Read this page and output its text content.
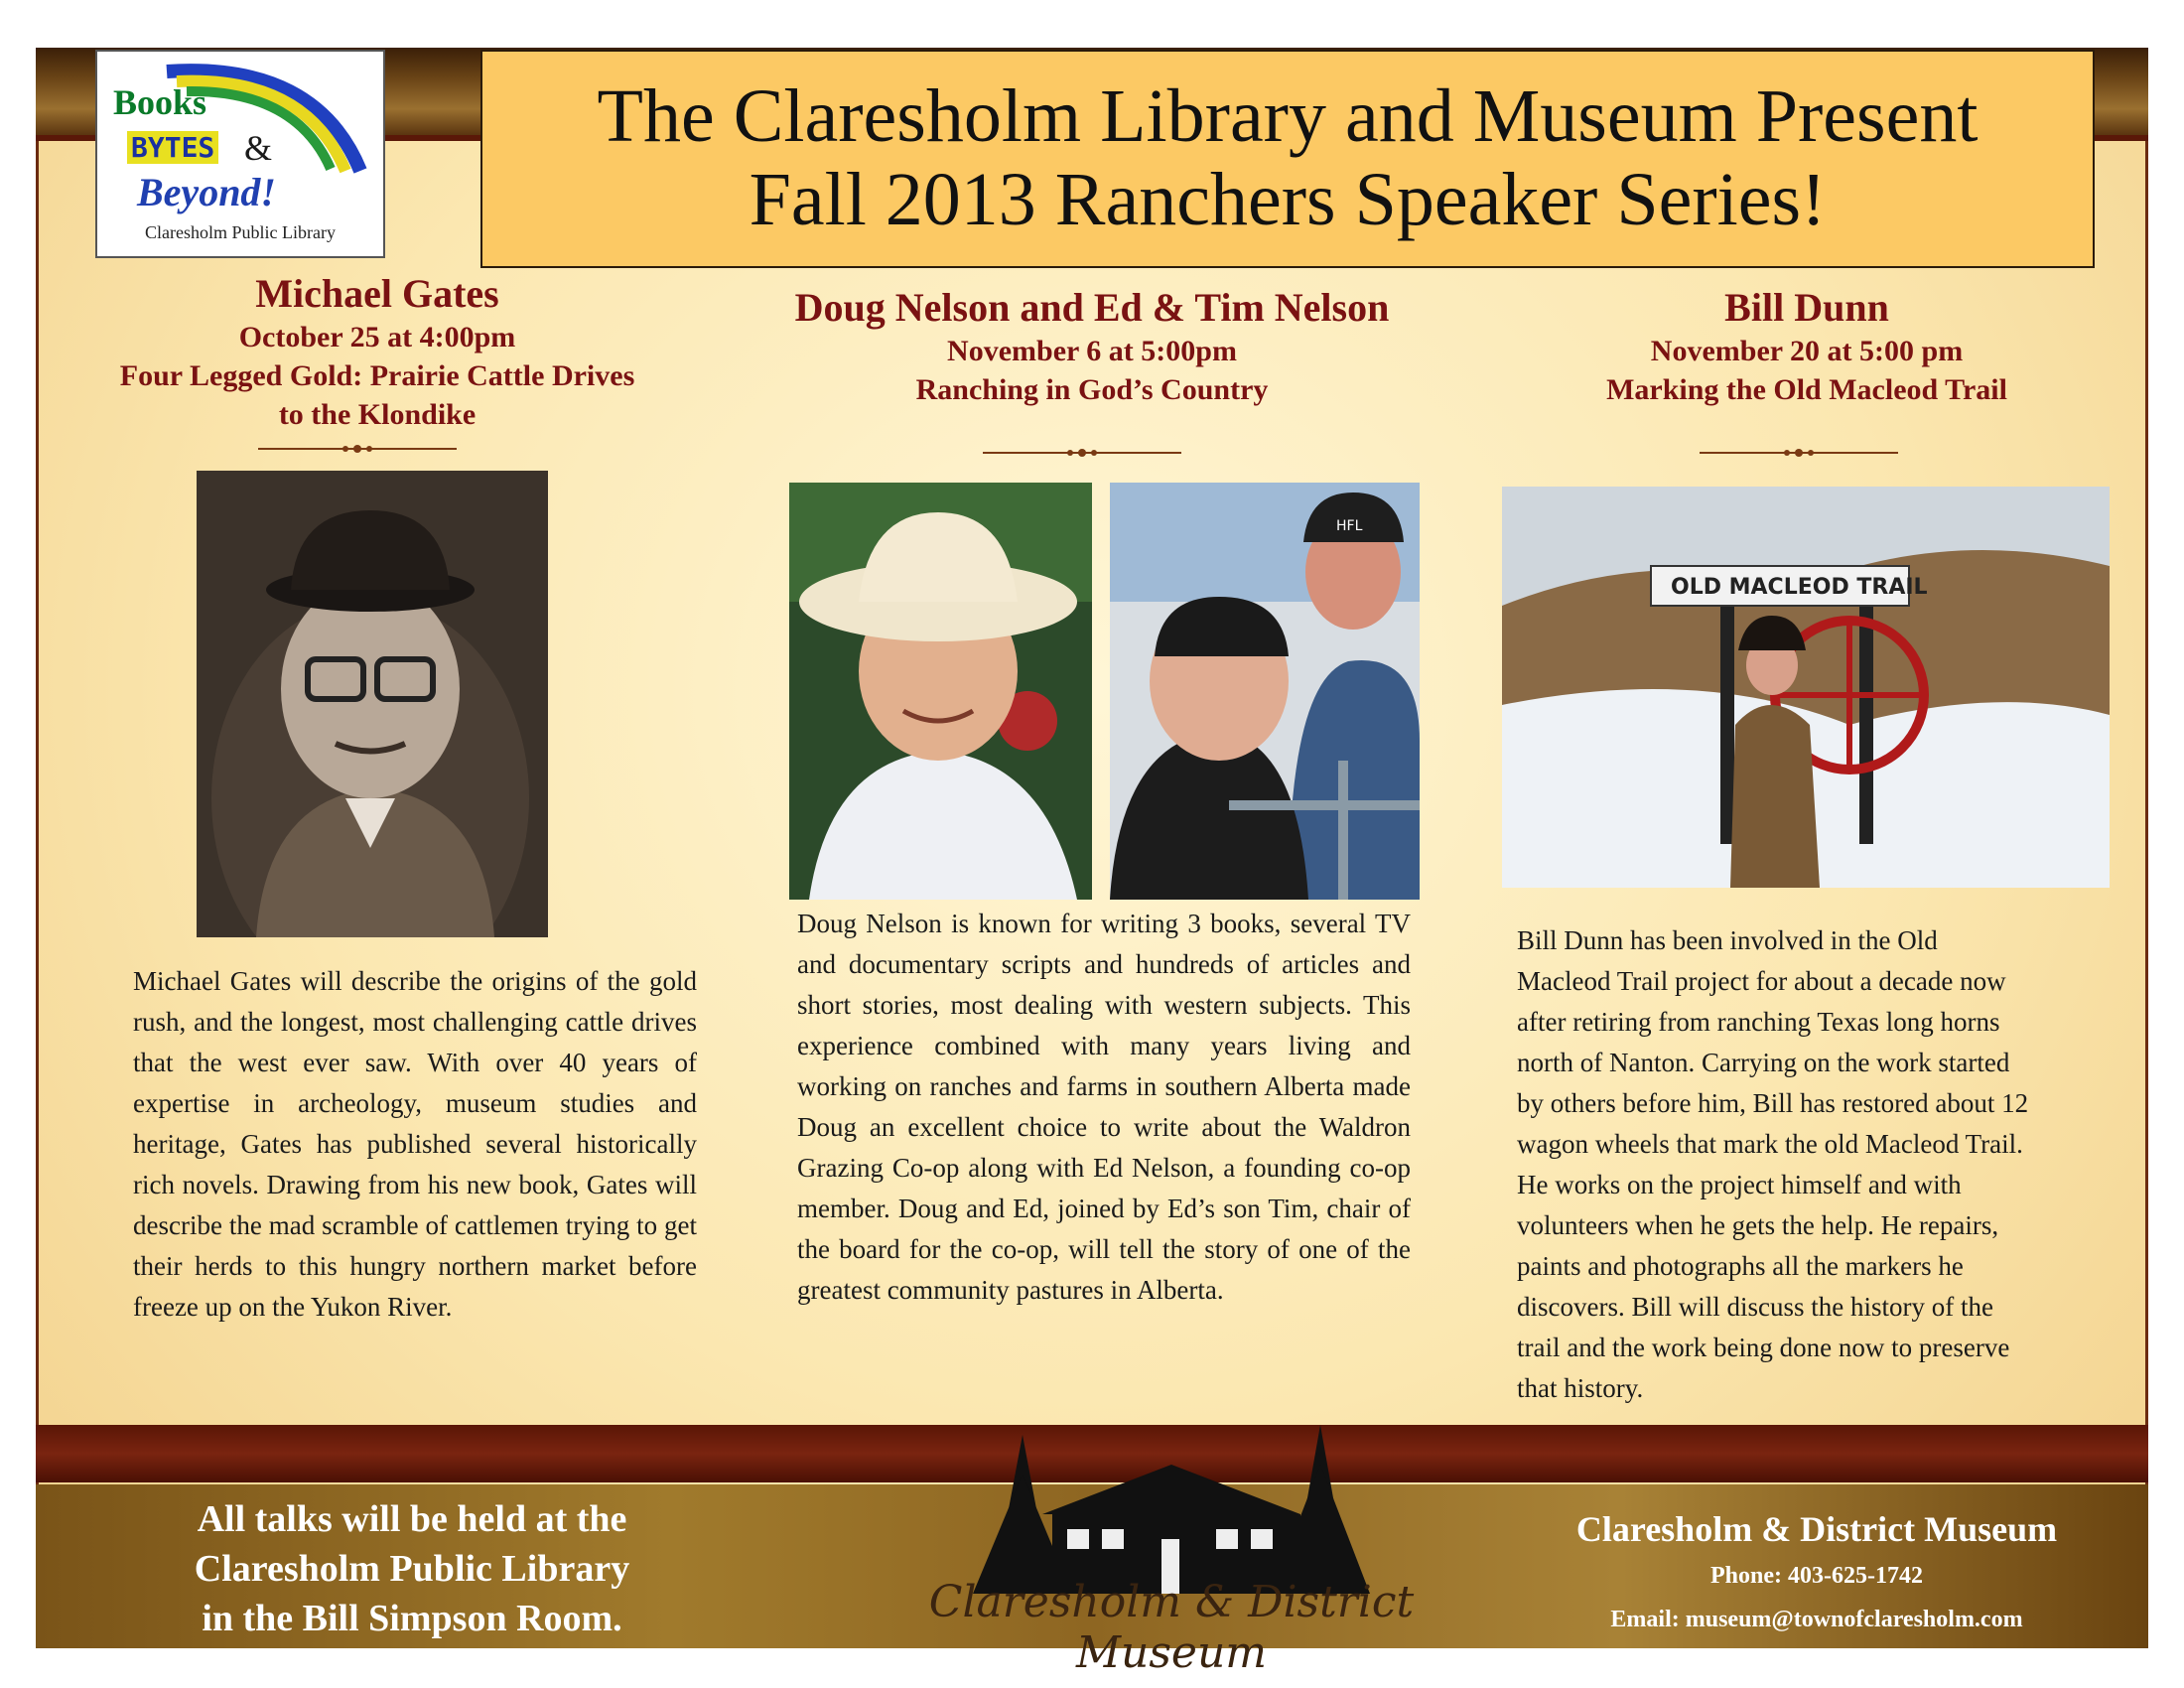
Books
BYTES &
Beyond!
Claresholm Public Library
The Claresholm Library and Museum Present
Fall 2013 Ranchers Speaker Series!
Michael Gates
October 25 at 4:00pm
Four Legged Gold: Prairie Cattle Drives
to the Klondike
Doug Nelson and Ed & Tim Nelson
November 6 at 5:00pm
Ranching in God’s Country
Bill Dunn
November 20 at 5:00 pm
Marking the Old Macleod Trail
HFL
OLD MACLEOD TRAIL
Michael Gates will describe the origins of the gold rush, and the longest, most challenging cattle drives that the west ever saw. With over 40 years of expertise in archeology, museum studies and heritage, Gates has published several historically rich novels. Drawing from his new book, Gates will describe the mad scramble of cattlemen trying to get their herds to this hungry northern market before freeze up on the Yukon River.
Doug Nelson is known for writing 3 books, several TV and documentary scripts and hundreds of articles and short stories, most dealing with western subjects. This experience combined with many years living and working on ranches and farms in southern Alberta made Doug an excellent choice to write about the Waldron Grazing Co-op along with Ed Nelson, a founding co-op member. Doug and Ed, joined by Ed’s son Tim, chair of the board for the co-op, will tell the story of one of the greatest community pastures in Alberta.
Bill Dunn has been involved in the Old
Macleod Trail project for about a decade now
after retiring from ranching Texas long horns
north of Nanton. Carrying on the work started
by others before him, Bill has restored about 12
wagon wheels that mark the old Macleod Trail.
He works on the project himself and with
volunteers when he gets the help. He repairs,
paints and photographs all the markers he
discovers. Bill will discuss the history of the
trail and the work being done now to preserve
that history.
All talks will be held at the
Claresholm Public Library
in the Bill Simpson Room.	Claresholm & District Museum
Claresholm & District Museum
Phone: 403-625-1742
Email: museum@townofclaresholm.com
